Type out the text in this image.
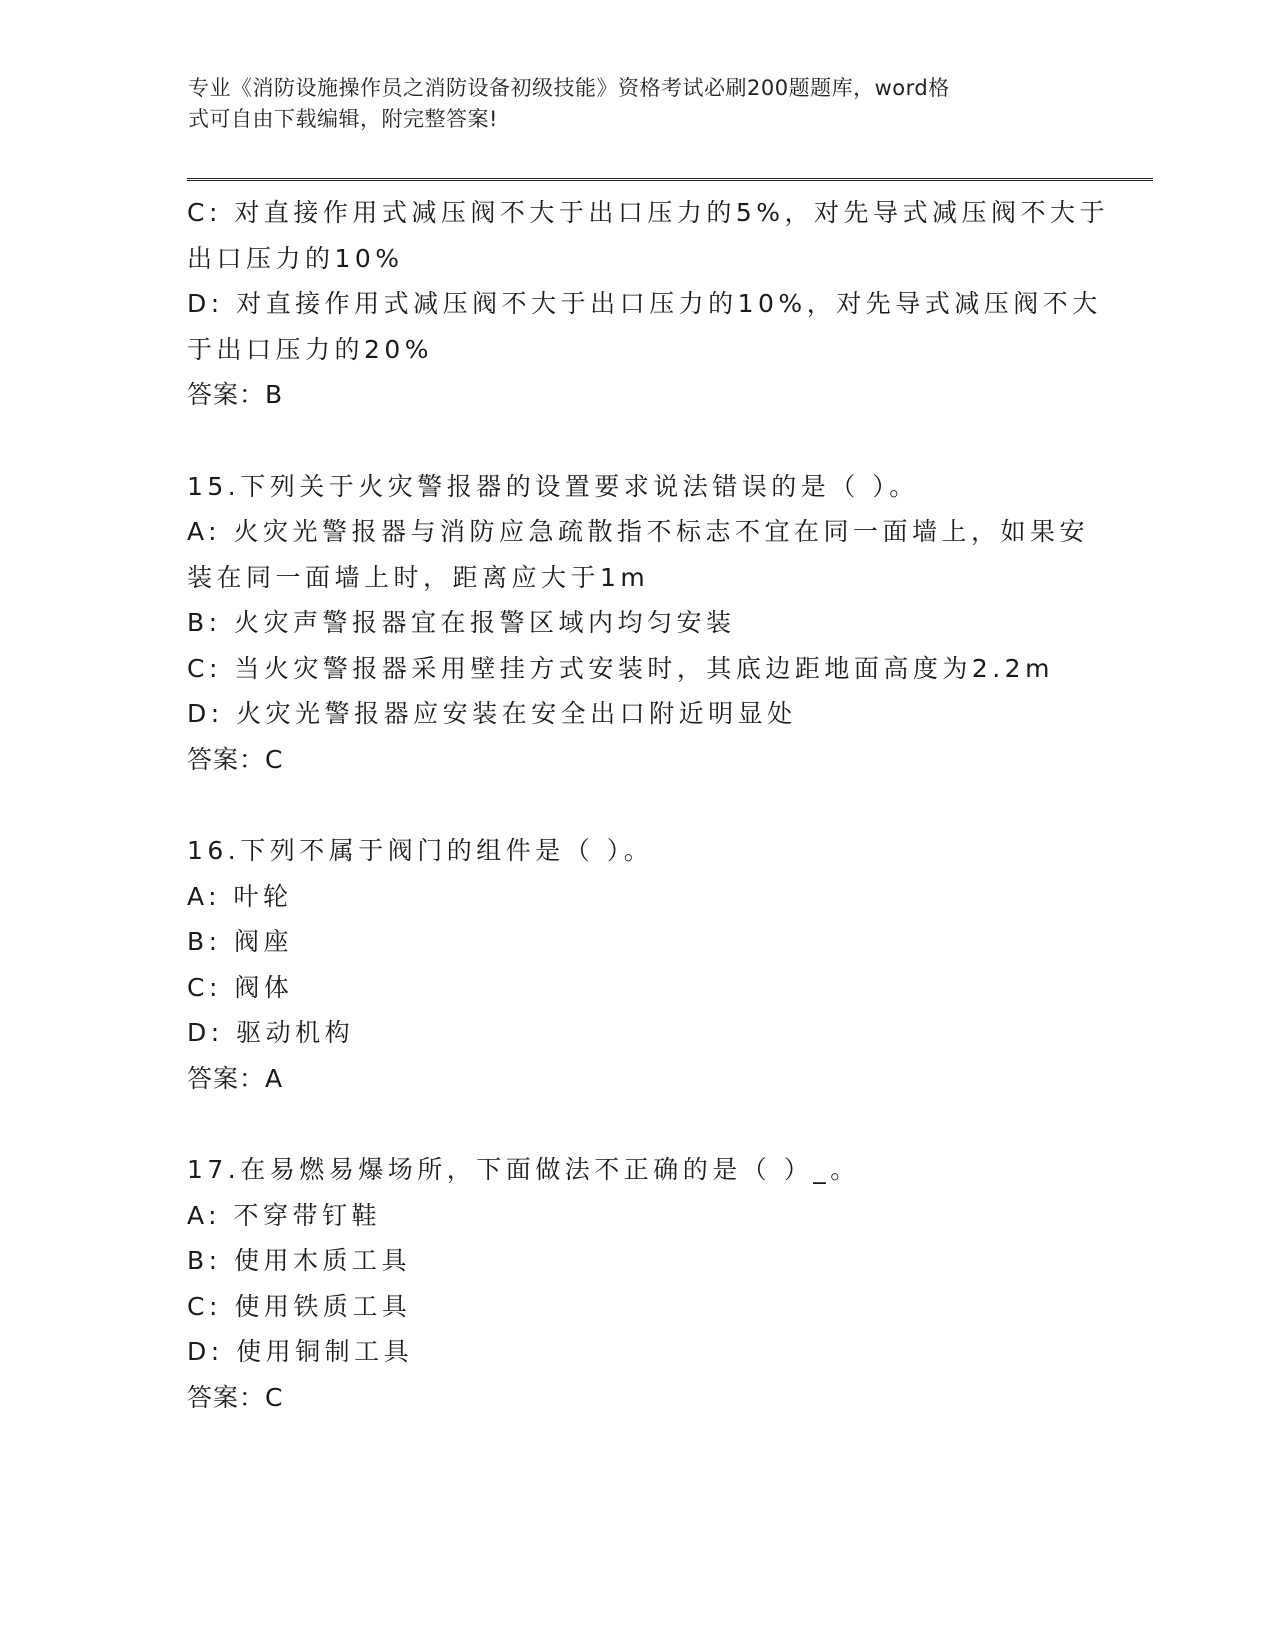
专业《消防设施操作员之消防设备初级技能》资格考试必刷200题题库，word格
式可自由下载编辑，附完整答案!
C: 对直接作用式减压阀不大于出口压力的5%，对先导式减压阀不大于
出口压力的10%
D: 对直接作用式减压阀不大于出口压力的10%，对先导式减压阀不大
于出口压力的20%
答案：B
15.下列关于火灾警报器的设置要求说法错误的是（ ）。
A: 火灾光警报器与消防应急疏散指不标志不宜在同一面墙上，如果安
装在同一面墙上时，距离应大于1m
B: 火灾声警报器宜在报警区域内均匀安装
C: 当火灾警报器采用壁挂方式安装时，其底边距地面高度为2.2m
D: 火灾光警报器应安装在安全出口附近明显处
答案：C
16.下列不属于阀门的组件是（ ）。
A: 叶轮
B: 阀座
C: 阀体
D: 驱动机构
答案：A
17.在易燃易爆场所，下面做法不正确的是（ ）_。
A: 不穿带钉鞋
B: 使用木质工具
C: 使用铁质工具
D: 使用铜制工具
答案：C
